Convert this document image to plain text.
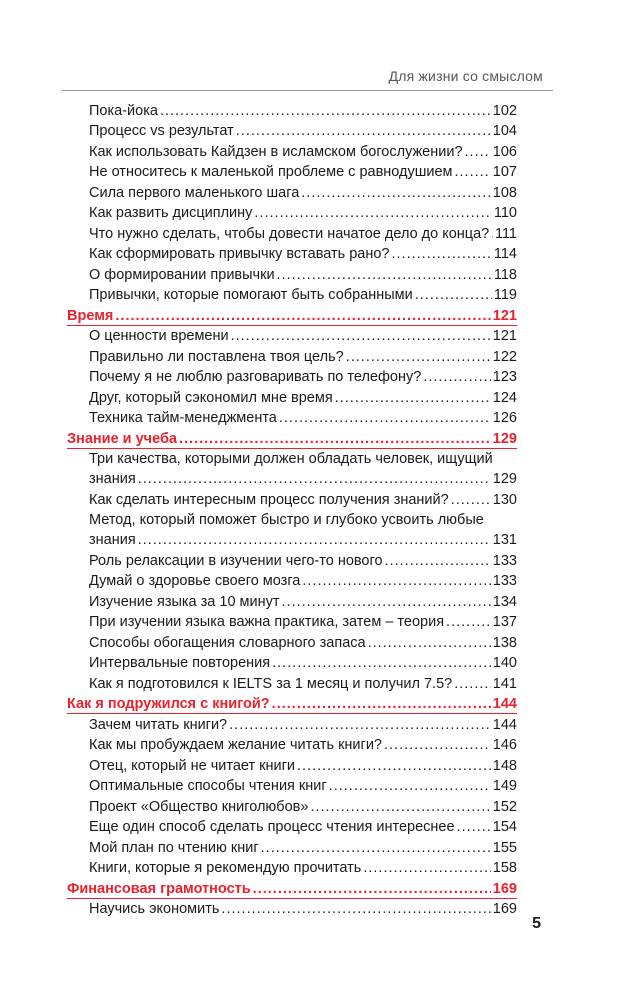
Для жизни со смыслом
Пока-йока .....	102
Процесс vs результат .....	104
Как использовать Кайдзен в исламском богослужении? ..... 106
Не относитесь к маленькой проблеме с равнодушием .....	107
Сила первого маленького шага .....	108
Как развить дисциплину .....	110
Что нужно сделать, чтобы довести начатое дело до конца? ..... 111
Как сформировать привычку вставать рано? .....	114
О формировании привычки .....	118
Привычки, которые помогают быть собранными .....	119
Время .....	121
О ценности времени .....	121
Правильно ли поставлена твоя цель? .....	122
Почему я не люблю разговаривать по телефону? .....	123
Друг, который сэкономил мне время .....	124
Техника тайм-менеджмента .....	126
Знание и учеба .....	129
Три качества, которыми должен обладать человек, ищущий
знания .....	129
Как сделать интересным процесс получения знаний? .....	130
Метод, который поможет быстро и глубоко усвоить любые
знания .....	131
Роль релаксации в изучении чего-то нового .....	133
Думай о здоровье своего мозга .....	133
Изучение языка за 10 минут .....	134
При изучении языка важна практика, затем – теория .....	137
Способы обогащения словарного запаса .....	138
Интервальные повторения .....	140
Как я подготовился к IELTS за 1 месяц и получил 7.5? .....	141
Как я подружился с книгой? .....	144
Зачем читать книги? .....	144
Как мы пробуждаем желание читать книги? .....	146
Отец, который не читает книги .....	148
Оптимальные способы чтения книг .....	149
Проект «Общество книголюбов» .....	152
Еще один способ сделать процесс чтения интереснее .....	154
Мой план по чтению книг .....	155
Книги, которые я рекомендую прочитать .....	158
Финансовая грамотность .....	169
Научись экономить .....	169
5
